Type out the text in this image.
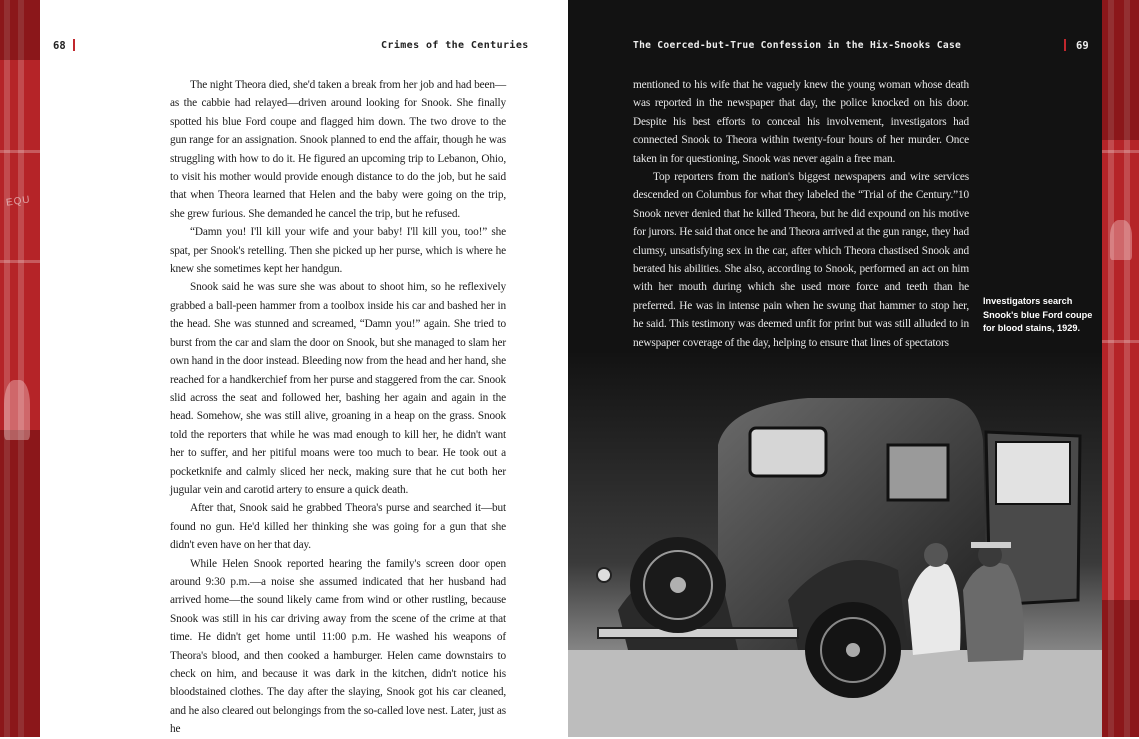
EQU
68	Crimes of the Centuries

The night Theora died, she'd taken a break from her job and had been—as the cabbie had relayed—driven around looking for Snook. She finally spotted his blue Ford coupe and flagged him down. The two drove to the gun range for an assignation. Snook planned to end the affair, though he was struggling with how to do it. He figured an upcoming trip to Lebanon, Ohio, to visit his mother would provide enough distance to do the job, but he said that when Theora learned that Helen and the baby were going on the trip, she grew furious. She demanded he cancel the trip, but he refused.

“Damn you! I'll kill your wife and your baby! I'll kill you, too!” she spat, per Snook's retelling. Then she picked up her purse, which is where he knew she sometimes kept her handgun.

Snook said he was sure she was about to shoot him, so he reflexively grabbed a ball-peen hammer from a toolbox inside his car and bashed her in the head. She was stunned and screamed, “Damn you!” again. She tried to burst from the car and slam the door on Snook, but she managed to slam her own hand in the door instead. Bleeding now from the head and her hand, she reached for a handkerchief from her purse and staggered from the car. Snook slid across the seat and followed her, bashing her again and again in the head. Somehow, she was still alive, groaning in a heap on the grass. Snook told the reporters that while he was mad enough to kill her, he didn't want her to suffer, and her pitiful moans were too much to bear. He took out a pocketknife and calmly sliced her neck, making sure that he cut both her jugular vein and carotid artery to ensure a quick death.

After that, Snook said he grabbed Theora's purse and searched it—but found no gun. He'd killed her thinking she was going for a gun that she didn't even have on her that day.

While Helen Snook reported hearing the family's screen door open around 9:30 p.m.—a noise she assumed indicated that her husband had arrived home—the sound likely came from wind or other rustling, because Snook was still in his car driving away from the scene of the crime at that time. He didn't get home until 11:00 p.m. He washed his weapons of Theora's blood, and then cooked a hamburger. Helen came downstairs to check on him, and because it was dark in the kitchen, didn't notice his bloodstained clothes. The day after the slaying, Snook got his car cleaned, and he also cleared out belongings from the so-called love nest. Later, just as he

The Coerced-but-True Confession in the Hix-Snooks Case	69

mentioned to his wife that he vaguely knew the young woman whose death was reported in the newspaper that day, the police knocked on his door. Despite his best efforts to conceal his involvement, investigators had connected Snook to Theora within twenty-four hours of her murder. Once taken in for questioning, Snook was never again a free man.

Top reporters from the nation's biggest newspapers and wire services descended on Columbus for what they labeled the “Trial of the Century.”10 Snook never denied that he killed Theora, but he did expound on his motive for jurors. He said that once he and Theora arrived at the gun range, they had clumsy, unsatisfying sex in the car, after which Theora chastised Snook and berated his abilities. She also, according to Snook, performed an act on him with her mouth during which she used more force and teeth than he preferred. He was in intense pain when he swung that hammer to stop her, he said. This testimony was deemed unfit for print but was still alluded to in newspaper coverage of the day, helping to ensure that lines of spectators

Investigators search Snook's blue Ford coupe for blood stains, 1929.
